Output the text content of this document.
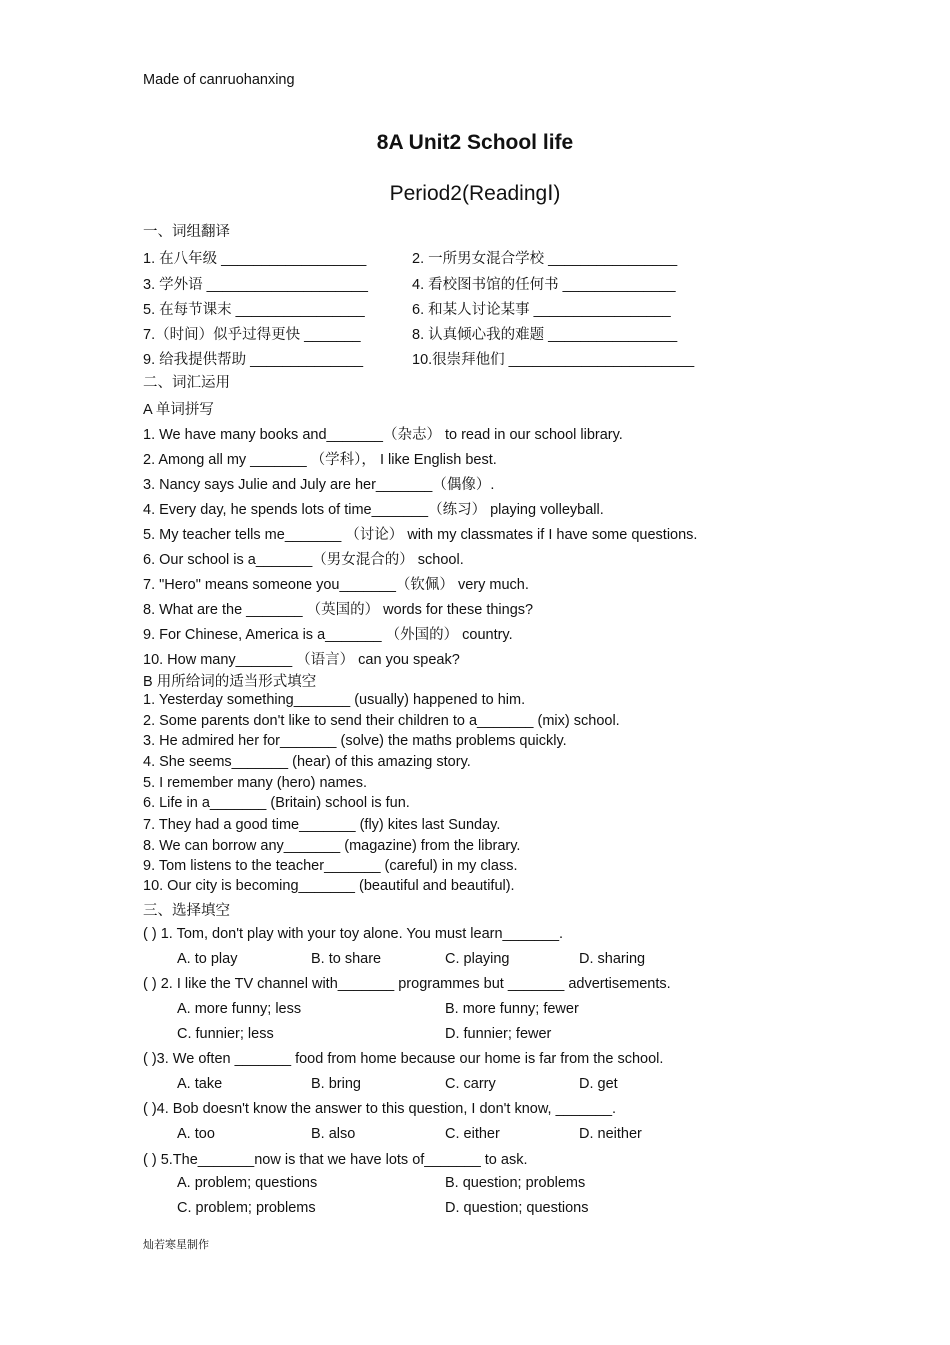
Made of canruohanxing
8A Unit2 School life
Period2(ReadingⅠ)
一、词组翻译
1. 在八年级 __________________	2. 一所男女混合学校 ________________
3. 学外语 ____________________	4. 看校图书馆的任何书 ______________
5. 在每节课末 ________________	6. 和某人讨论某事 _________________
7.（时间）似乎过得更快 _______	8. 认真倾心我的难题 ________________
9. 给我提供帮助 ______________	10.很崇拜他们 _______________________
二、词汇运用
A 单词拼写
1. We have many books and_______（杂志） to read in our school library.
2. Among all my _______ （学科）， I like English best.
3. Nancy says Julie and July are her_______（偶像）.
4. Every day, he spends lots of time_______（练习） playing volleyball.
5. My teacher tells me_______ （讨论） with my classmates if I have some questions.
6. Our school is a_______（男女混合的） school.
7. "Hero" means someone you_______（钦佩） very much.
8. What are the _______ （英国的） words for these things?
9. For Chinese, America is a_______ （外国的） country.
10. How many_______ （语言） can you speak?
B 用所给词的适当形式填空
1. Yesterday something_______ (usually) happened to him.
2. Some parents don't like to send their children to a_______ (mix) school.
3. He admired her for_______ (solve) the maths problems quickly.
4. She seems_______ (hear) of this amazing story.
5. I remember many (hero) names.
6. Life in a_______ (Britain) school is fun.
7. They had a good time_______ (fly) kites last Sunday.
8. We can borrow any_______ (magazine) from the library.
9. Tom listens to the teacher_______ (careful) in my class.
10. Our city is becoming_______ (beautiful and beautiful).
三、选择填空
( ) 1. Tom, don't play with your toy alone. You must learn_______.
A. to play	B. to share	C. playing	D. sharing
( ) 2. I like the TV channel with_______ programmes but _______ advertisements.
A. more funny; less	B. more funny; fewer
C. funnier; less	D. funnier; fewer
( )3. We often _______ food from home because our home is far from the school.
A. take	B. bring	C. carry	D. get
( )4. Bob doesn't know the answer to this question, I don't know, _______.
A. too	B. also	C. either	D. neither
( ) 5.The_______now is that we have lots of_______ to ask.
A. problem; questions	B. question; problems
C. problem; problems	D. question; questions
灿若寒星制作
